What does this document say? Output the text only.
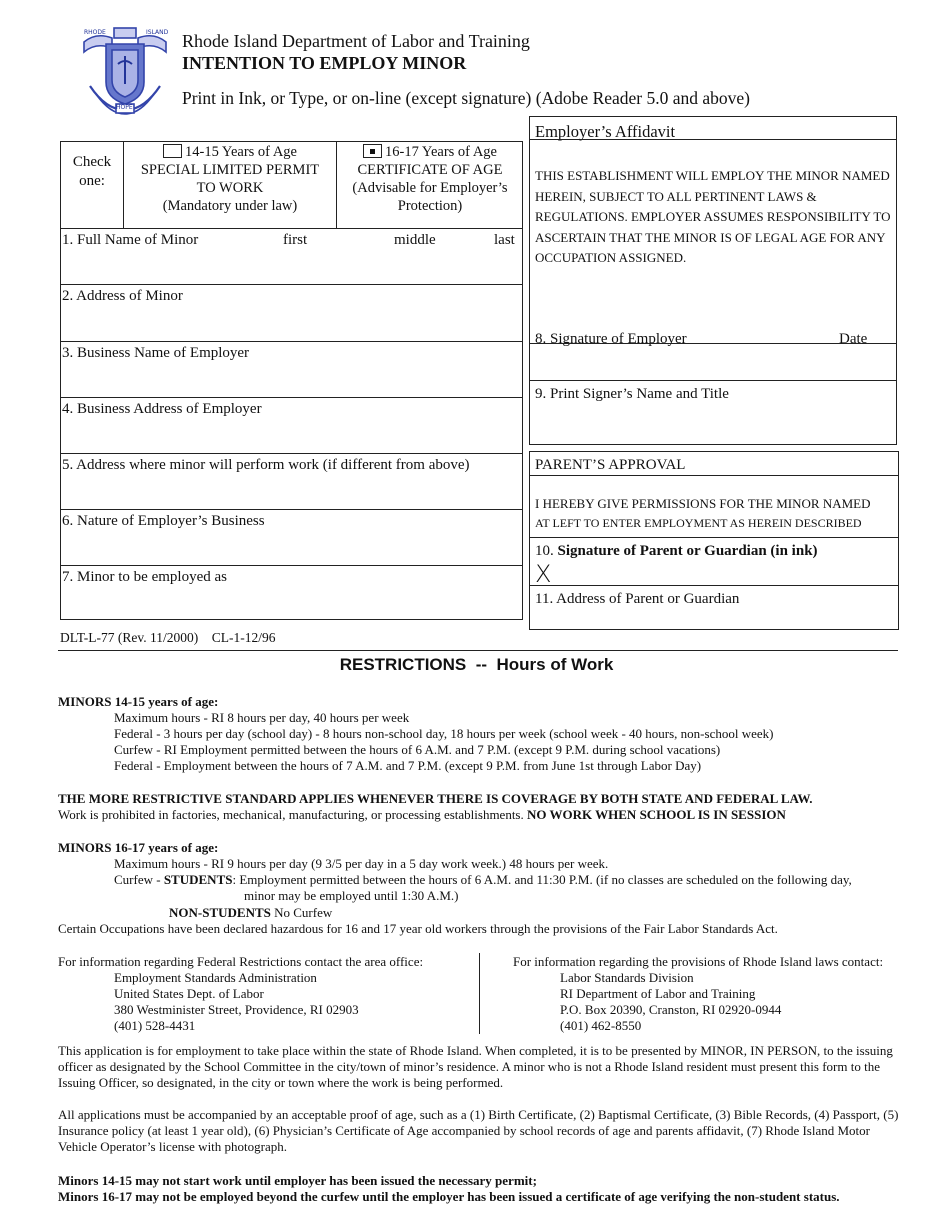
RHODE	ISLAND
HOPE
Rhode Island Department of Labor and Training
INTENTION TO EMPLOY MINOR
Print in Ink, or Type, or on-line (except signature) (Adobe Reader 5.0 and above)
Check one:
14-15 Years of Age
SPECIAL LIMITED PERMIT
TO WORK
(Mandatory under law)
16-17 Years of Age
CERTIFICATE OF AGE
(Advisable for Employer’s
Protection)
1. Full Name of Minor	first	middle	last
2. Address of Minor
3. Business Name of Employer
4. Business Address of Employer
5. Address where minor will perform work (if different from above)
6. Nature of Employer’s Business
7. Minor to be employed as
Employer’s Affidavit
THIS ESTABLISHMENT WILL EMPLOY THE MINOR NAMED HEREIN, SUBJECT TO ALL PERTINENT LAWS & REGULATIONS. EMPLOYER ASSUMES RESPONSIBILITY TO ASCERTAIN THAT THE MINOR IS OF LEGAL AGE FOR ANY OCCUPATION ASSIGNED.
8. Signature of Employer	Date
9. Print Signer’s Name and Title
PARENT’S APPROVAL
I HEREBY GIVE PERMISSIONS FOR THE MINOR NAMED
AT LEFT TO ENTER EMPLOYMENT AS HEREIN DESCRIBED
10. Signature of Parent or Guardian (in ink)
X
11. Address of Parent or Guardian
DLT-L-77 (Rev. 11/2000)    CL-1-12/96
RESTRICTIONS  --  Hours of Work
MINORS 14-15 years of age:
Maximum hours - RI 8 hours per day, 40 hours per week
Federal - 3 hours per day (school day) - 8 hours non-school day, 18 hours per week (school week - 40 hours, non-school week)
Curfew - RI Employment permitted between the hours of 6 A.M. and 7 P.M. (except 9 P.M. during school vacations)
Federal - Employment between the hours of 7 A.M. and 7 P.M. (except 9 P.M. from June 1st through Labor Day)
THE MORE RESTRICTIVE STANDARD APPLIES WHENEVER THERE IS COVERAGE BY BOTH STATE AND FEDERAL LAW.
Work is prohibited in factories, mechanical, manufacturing, or processing establishments. NO WORK WHEN SCHOOL IS IN SESSION
MINORS 16-17 years of age:
Maximum hours - RI 9 hours per day (9 3/5 per day in a 5 day work week.) 48 hours per week.
Curfew - STUDENTS: Employment permitted between the hours of 6 A.M. and 11:30 P.M. (if no classes are scheduled on the following day,
minor may be employed until 1:30 A.M.)
NON-STUDENTS No Curfew
Certain Occupations have been declared hazardous for 16 and 17 year old workers through the provisions of the Fair Labor Standards Act.
For information regarding Federal Restrictions contact the area office:
Employment Standards Administration
United States Dept. of Labor
380 Westminister Street, Providence, RI 02903
(401) 528-4431
For information regarding the provisions of Rhode Island laws contact:
Labor Standards Division
RI Department of Labor and Training
P.O. Box 20390, Cranston, RI 02920-0944
(401) 462-8550
This application is for employment to take place within the state of Rhode Island. When completed, it is to be presented by MINOR, IN PERSON, to the issuing officer as designated by the School Committee in the city/town of minor’s residence. A minor who is not a Rhode Island resident must present this form to the Issuing Officer, so designated, in the city or town where the work is being performed.
All applications must be accompanied by an acceptable proof of age, such as a (1) Birth Certificate, (2) Baptismal Certificate, (3) Bible Records, (4) Passport, (5) Insurance policy (at least 1 year old), (6) Physician’s Certificate of Age accompanied by school records of age and parents affidavit, (7) Rhode Island Motor Vehicle Operator’s license with photograph.
Minors 14-15 may not start work until employer has been issued the necessary permit;
Minors 16-17 may not be employed beyond the curfew until the employer has been issued a certificate of age verifying the non-student status.
